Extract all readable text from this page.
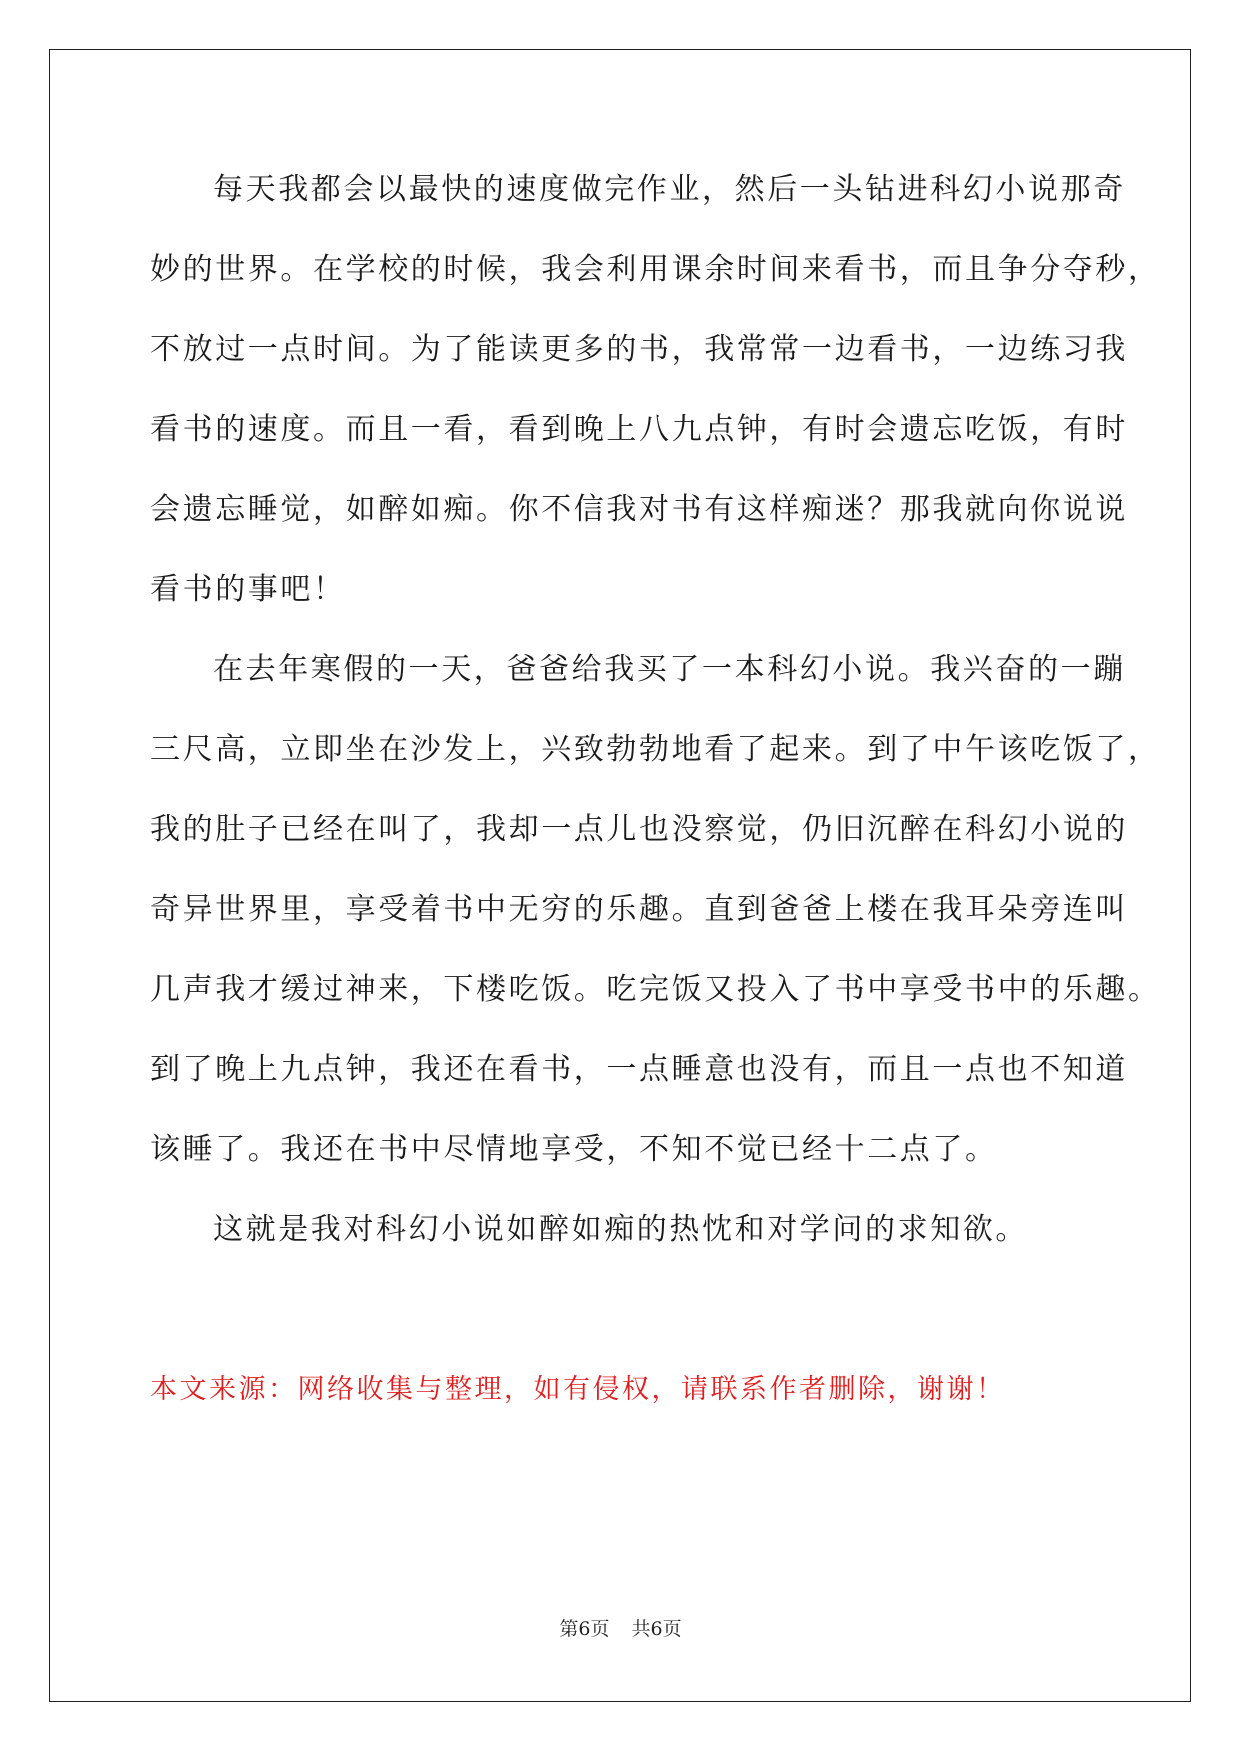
每天我都会以最快的速度做完作业，然后一头钻进科幻小说那奇
妙的世界。在学校的时候，我会利用课余时间来看书，而且争分夺秒，
不放过一点时间。为了能读更多的书，我常常一边看书，一边练习我
看书的速度。而且一看，看到晚上八九点钟，有时会遗忘吃饭，有时
会遗忘睡觉，如醉如痴。你不信我对书有这样痴迷？那我就向你说说
看书的事吧！
在去年寒假的一天，爸爸给我买了一本科幻小说。我兴奋的一蹦
三尺高，立即坐在沙发上，兴致勃勃地看了起来。到了中午该吃饭了，
我的肚子已经在叫了，我却一点儿也没察觉，仍旧沉醉在科幻小说的
奇异世界里，享受着书中无穷的乐趣。直到爸爸上楼在我耳朵旁连叫
几声我才缓过神来，下楼吃饭。吃完饭又投入了书中享受书中的乐趣。
到了晚上九点钟，我还在看书，一点睡意也没有，而且一点也不知道
该睡了。我还在书中尽情地享受，不知不觉已经十二点了。
这就是我对科幻小说如醉如痴的热忱和对学问的求知欲。
本文来源：网络收集与整理，如有侵权，请联系作者删除，谢谢！
第6页 共6页
